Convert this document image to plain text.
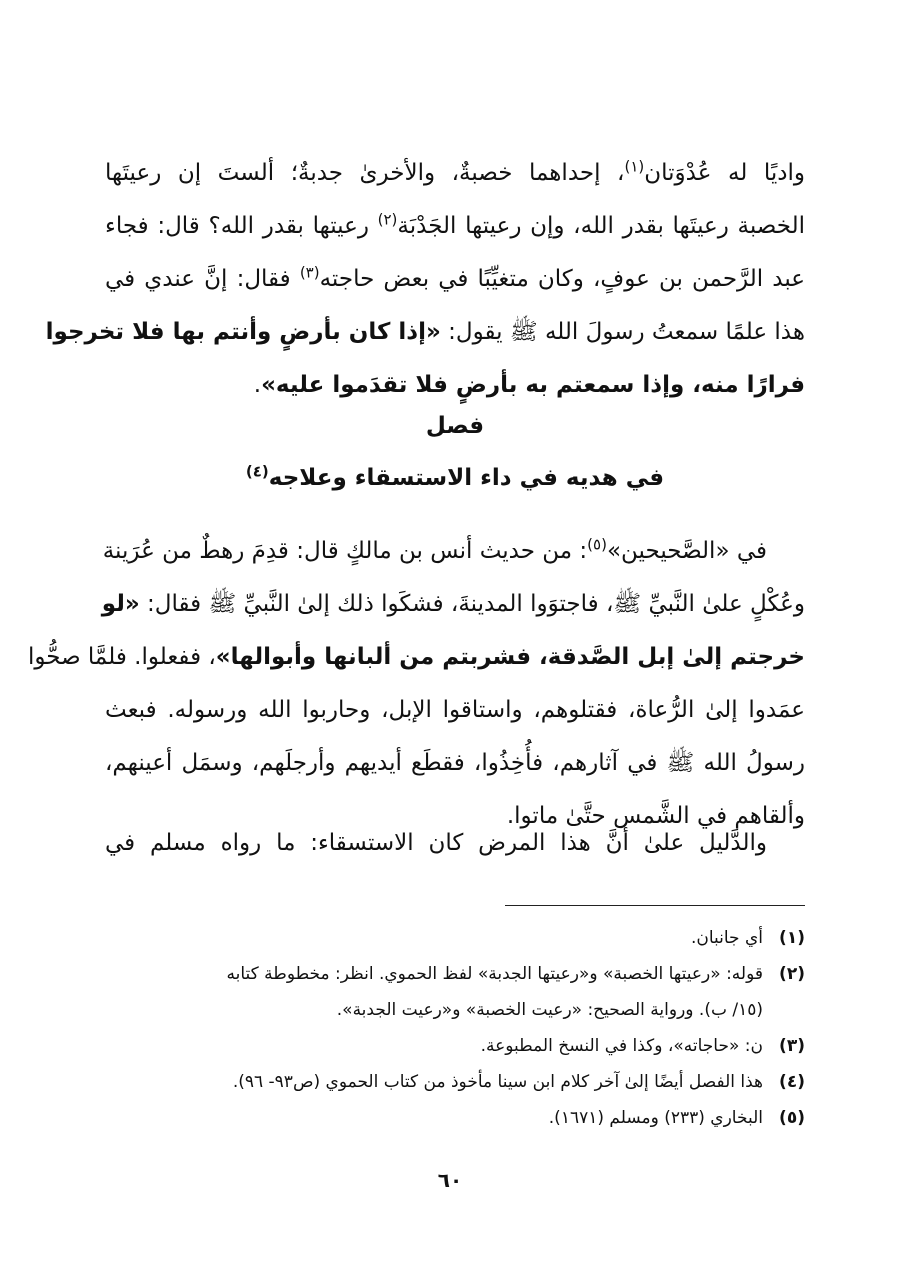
واديًا له عُدْوَتان$^{(١)}$، إحداهما خصبةٌ، والأخرىٰ جدبةٌ؛ ألستَ إن رعيتَها
الخصبة رعيتَها بقدر الله، وإن رعيتها الجَدْبَة$^{(٢)}$ رعيتها بقدر الله؟ قال: فجاء
عبد الرَّحمن بن عوفٍ، وكان متغيِّبًا في بعض حاجته$^{(٣)}$ فقال: إنَّ عندي في
هذا علمًا سمعتُ رسولَ الله ﷺ يقول: «إذا كان بأرضٍ وأنتم بها فلا تخرجوا
فرارًا منه، وإذا سمعتم به بأرضٍ فلا تقدَموا عليه».
فصل
في هديه في داء الاستسقاء وعلاجه$^{(٤)}$
في «الصَّحيحين»$^{(٥)}$: من حديث أنس بن مالكٍ قال: قدِمَ رهطٌ من عُرَينة
وعُكْلٍ علىٰ النَّبيِّ ﷺ، فاجتوَوا المدينةَ، فشكَوا ذلك إلىٰ النَّبيِّ ﷺ فقال: «لو
خرجتم إلىٰ إبل الصَّدقة، فشربتم من ألبانها وأبوالها»، ففعلوا. فلمَّا صحُّوا
عمَدوا إلىٰ الرُّعاة، فقتلوهم، واستاقوا الإبل، وحاربوا الله ورسوله. فبعث
رسولُ الله ﷺ في آثارهم، فأُخِذُوا، فقطَع أيديهم وأرجلَهم، وسمَل أعينهم،
وألقاهم في الشَّمس حتَّىٰ ماتوا.
والدَّليل علىٰ أنَّ هذا المرض كان الاستسقاء: ما رواه مسلم في
(١)أي جانبان.
(٢)قوله: «رعيتها الخصبة» و«رعيتها الجدبة» لفظ الحموي. انظر: مخطوطة كتابه
(١٥/ ب). ورواية الصحيح: «رعيت الخصبة» و«رعيت الجدبة».
(٣)ن: «حاجاته»، وكذا في النسخ المطبوعة.
(٤)هذا الفصل أيضًا إلىٰ آخر كلام ابن سينا مأخوذ من كتاب الحموي (ص٩٣- ٩٦).
(٥)البخاري (٢٣٣) ومسلم (١٦٧١).
٦٠
